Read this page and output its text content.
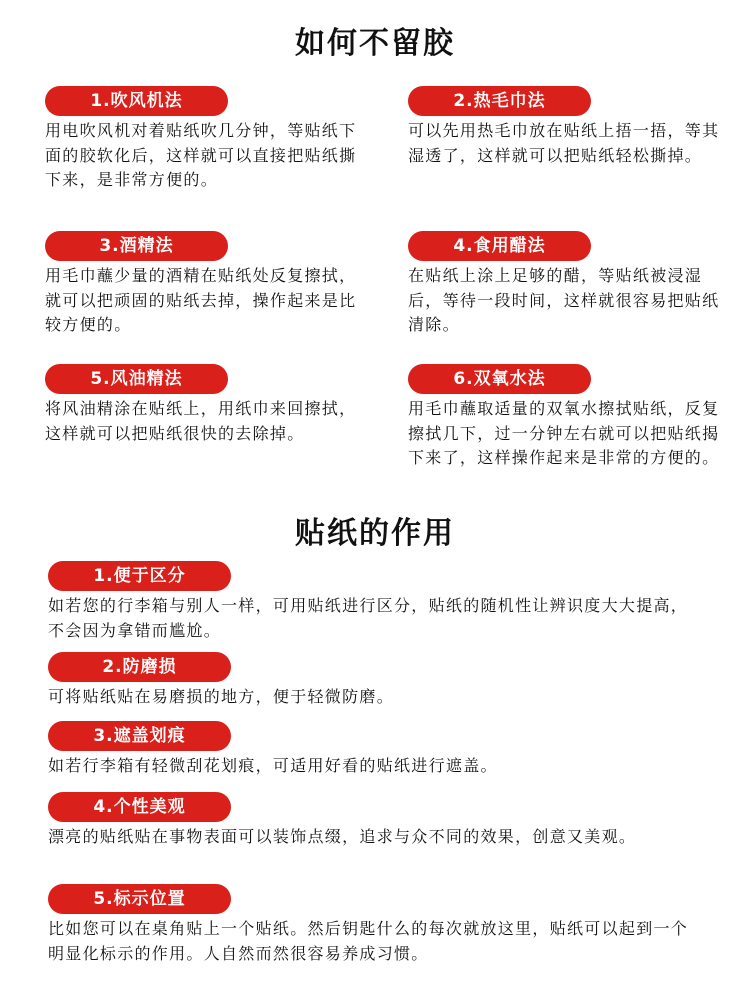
如何不留胶
1.吹风机法
用电吹风机对着贴纸吹几分钟，等贴纸下面的胶软化后，这样就可以直接把贴纸撕下来，是非常方便的。
2.热毛巾法
可以先用热毛巾放在贴纸上捂一捂，等其湿透了，这样就可以把贴纸轻松撕掉。
3.酒精法
用毛巾蘸少量的酒精在贴纸处反复擦拭，就可以把顽固的贴纸去掉，操作起来是比较方便的。
4.食用醋法
在贴纸上涂上足够的醋，等贴纸被浸湿后，等待一段时间，这样就很容易把贴纸清除。
5.风油精法
将风油精涂在贴纸上，用纸巾来回擦拭，这样就可以把贴纸很快的去除掉。
6.双氧水法
用毛巾蘸取适量的双氧水擦拭贴纸，反复擦拭几下，过一分钟左右就可以把贴纸揭下来了，这样操作起来是非常的方便的。
贴纸的作用
1.便于区分
如若您的行李箱与别人一样，可用贴纸进行区分，贴纸的随机性让辨识度大大提高，不会因为拿错而尴尬。
2.防磨损
可将贴纸贴在易磨损的地方，便于轻微防磨。
3.遮盖划痕
如若行李箱有轻微刮花划痕，可适用好看的贴纸进行遮盖。
4.个性美观
漂亮的贴纸贴在事物表面可以装饰点缀，追求与众不同的效果，创意又美观。
5.标示位置
比如您可以在桌角贴上一个贴纸。然后钥匙什么的每次就放这里，贴纸可以起到一个明显化标示的作用。人自然而然很容易养成习惯。
